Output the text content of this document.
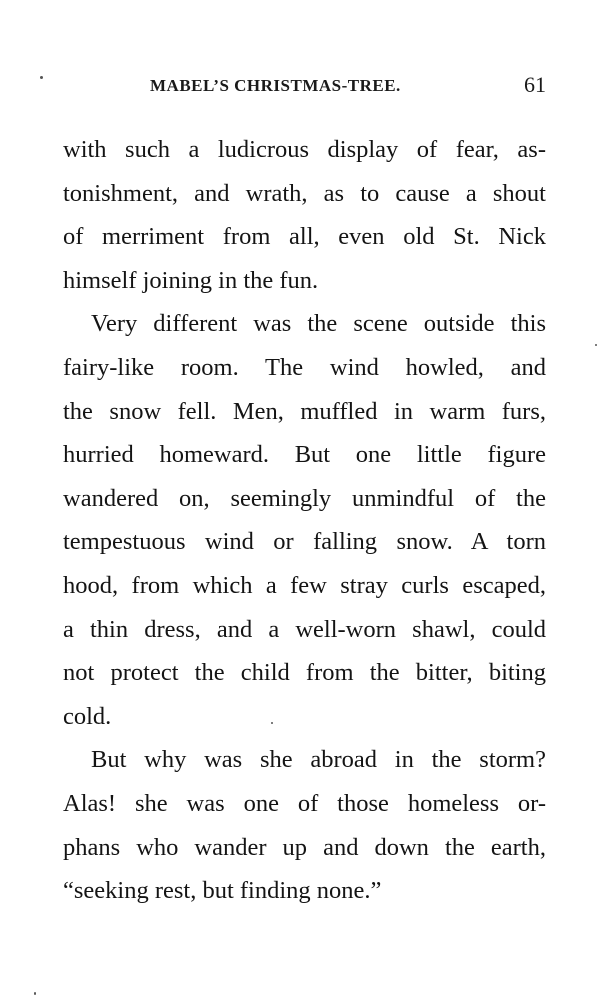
MABEL’S CHRISTMAS-TREE.	61

with such a ludicrous display of fear, as-
tonishment, and wrath, as to cause a shout
of merriment from all, even old St. Nick
himself joining in the fun.

Very different was the scene outside this
fairy-like room. The wind howled, and
the snow fell. Men, muffled in warm furs,
hurried homeward. But one little figure
wandered on, seemingly unmindful of the
tempestuous wind or falling snow. A torn
hood, from which a few stray curls escaped,
a thin dress, and a well-worn shawl, could
not protect the child from the bitter, biting
cold.

But why was she abroad in the storm?
Alas! she was one of those homeless or-
phans who wander up and down the earth,
“seeking rest, but finding none.”
